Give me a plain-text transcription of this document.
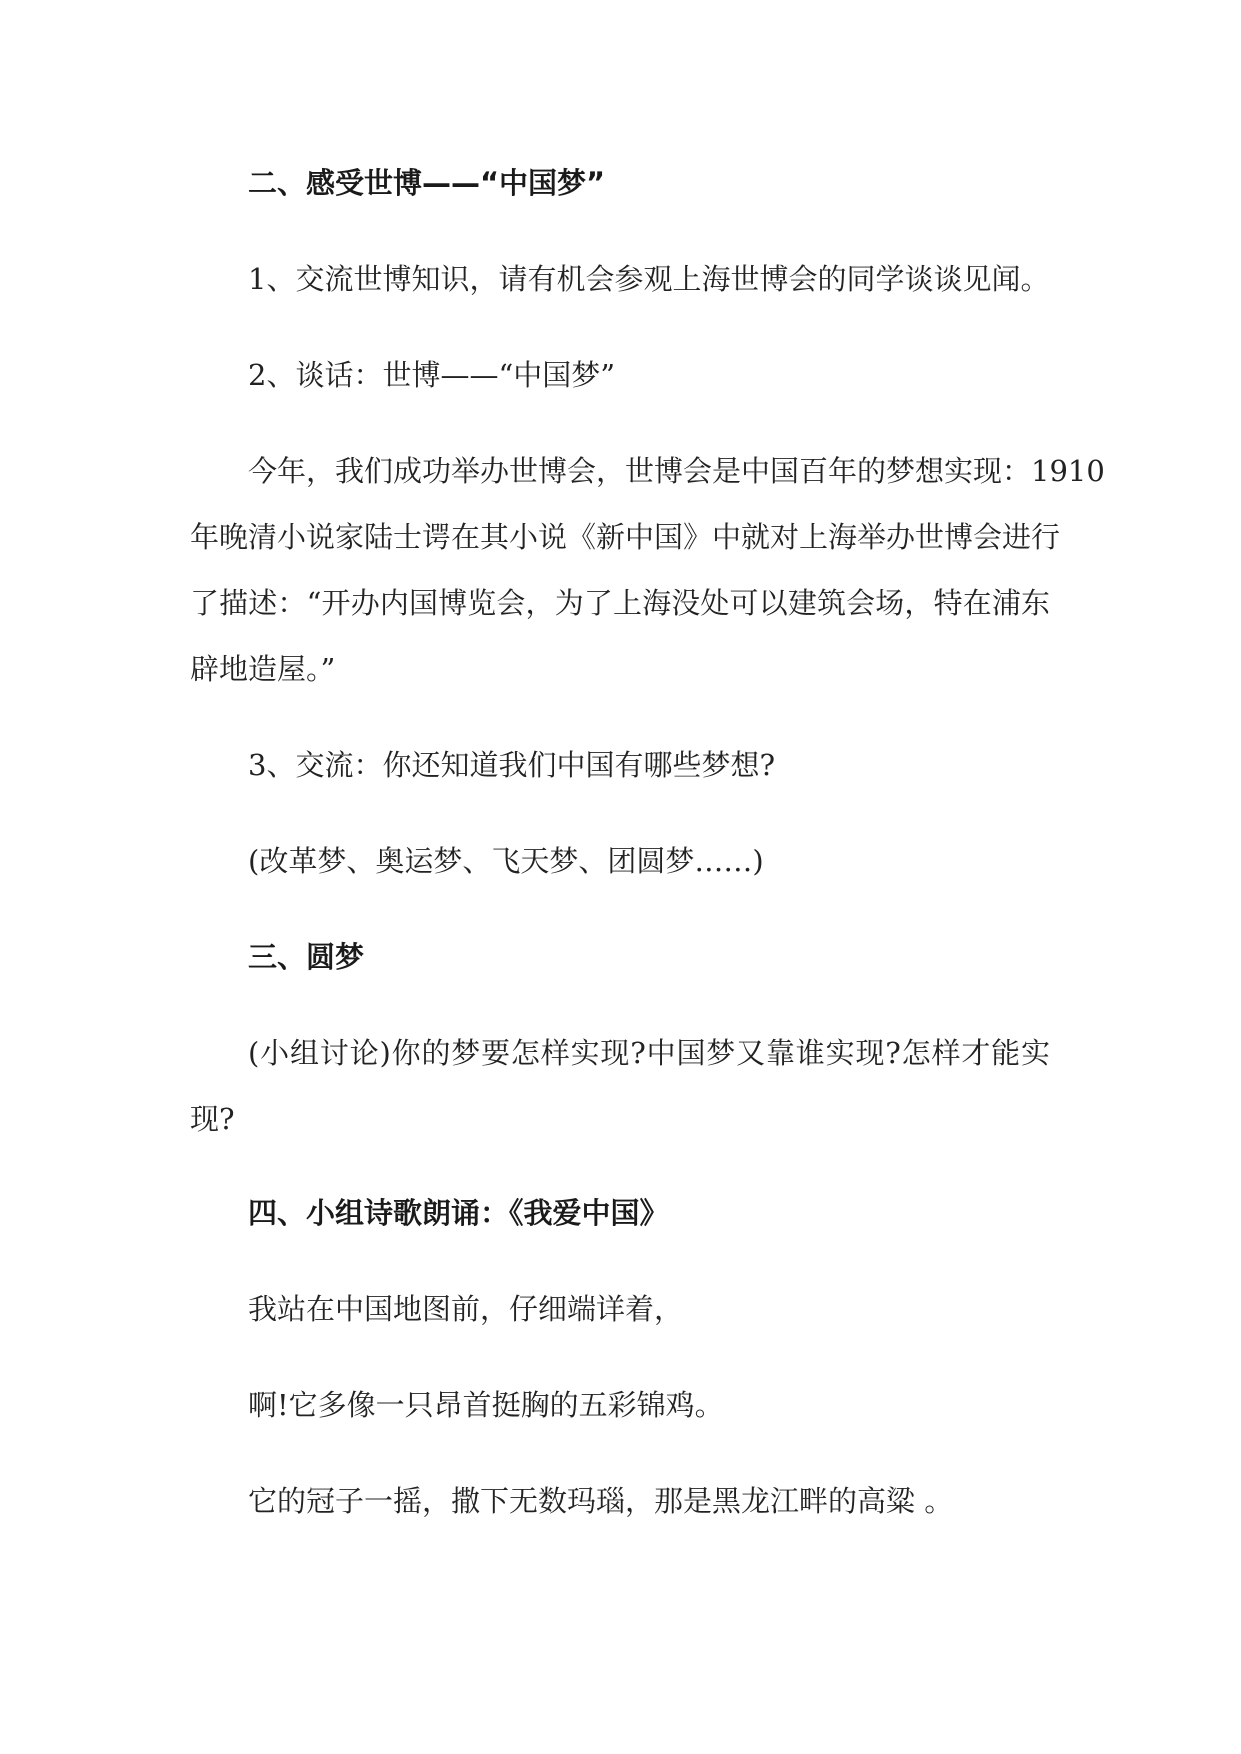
二、感受世博——“中国梦”

1、交流世博知识，请有机会参观上海世博会的同学谈谈见闻。

2、谈话：世博——“中国梦”

今年，我们成功举办世博会，世博会是中国百年的梦想实现：1910

年晚清小说家陆士谔在其小说《新中国》中就对上海举办世博会进行

了描述：“开办内国博览会，为了上海没处可以建筑会场，特在浦东

辟地造屋。”

3、交流：你还知道我们中国有哪些梦想?

(改革梦、奥运梦、飞天梦、团圆梦……)

三、圆梦

(小组讨论)你的梦要怎样实现?中国梦又靠谁实现?怎样才能实

现?

四、小组诗歌朗诵：《我爱中国》

我站在中国地图前，仔细端详着，

啊!它多像一只昂首挺胸的五彩锦鸡。

它的冠子一摇，撒下无数玛瑙，那是黑龙江畔的高粱 。
